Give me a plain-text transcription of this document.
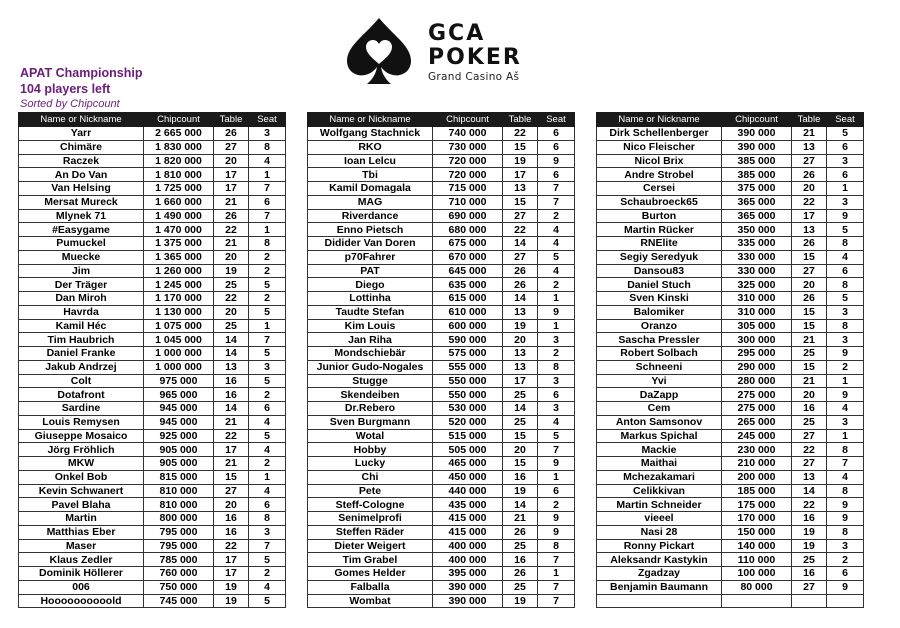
GCA
POKER
Grand Casino Aš
APAT Championship
104 players left
Sorted by Chipcount
Name or Nickname	Chipcount	Table	Seat
Yarr	2 665 000	26	3
Chimäre	1 830 000	27	8
Raczek	1 820 000	20	4
An Do Van	1 810 000	17	1
Van Helsing	1 725 000	17	7
Mersat Mureck	1 660 000	21	6
Mlynek 71	1 490 000	26	7
#Easygame	1 470 000	22	1
Pumuckel	1 375 000	21	8
Muecke	1 365 000	20	2
Jim	1 260 000	19	2
Der Träger	1 245 000	25	5
Dan Miroh	1 170 000	22	2
Havrda	1 130 000	20	5
Kamil Héc	1 075 000	25	1
Tim Haubrich	1 045 000	14	7
Daniel Franke	1 000 000	14	5
Jakub Andrzej	1 000 000	13	3
Colt	975 000	16	5
Dotafront	965 000	16	2
Sardine	945 000	14	6
Louis Remysen	945 000	21	4
Giuseppe Mosaico	925 000	22	5
Jörg Fröhlich	905 000	17	4
MKW	905 000	21	2
Onkel Bob	815 000	15	1
Kevin Schwanert	810 000	27	4
Pavel Blaha	810 000	20	6
Martin	800 000	16	8
Matthias Eber	795 000	16	3
Maser	795 000	22	7
Klaus Zedler	785 000	17	5
Dominik Höllerer	760 000	17	2
006	750 000	19	4
Hoooooooooold	745 000	19	5
Name or Nickname	Chipcount	Table	Seat
Wolfgang Stachnick	740 000	22	6
RKO	730 000	15	6
Ioan Lelcu	720 000	19	9
Tbi	720 000	17	6
Kamil Domagala	715 000	13	7
MAG	710 000	15	7
Riverdance	690 000	27	2
Enno Pietsch	680 000	22	4
Didider Van Doren	675 000	14	4
p70Fahrer	670 000	27	5
PAT	645 000	26	4
Diego	635 000	26	2
Lottinha	615 000	14	1
Taudte Stefan	610 000	13	9
Kim Louis	600 000	19	1
Jan Riha	590 000	20	3
Mondschiebär	575 000	13	2
Junior Gudo-Nogales	555 000	13	8
Stugge	550 000	17	3
Skendeiben	550 000	25	6
Dr.Rebero	530 000	14	3
Sven Burgmann	520 000	25	4
Wotal	515 000	15	5
Hobby	505 000	20	7
Lucky	465 000	15	9
Chi	450 000	16	1
Pete	440 000	19	6
Steff-Cologne	435 000	14	2
Senimelprofi	415 000	21	9
Steffen Räder	415 000	26	9
Dieter Weigert	400 000	25	8
Tim Grabel	400 000	16	7
Gomes Helder	395 000	26	1
Falballa	390 000	25	7
Wombat	390 000	19	7
Name or Nickname	Chipcount	Table	Seat
Dirk Schellenberger	390 000	21	5
Nico Fleischer	390 000	13	6
Nicol Brix	385 000	27	3
Andre Strobel	385 000	26	6
Cersei	375 000	20	1
Schaubroeck65	365 000	22	3
Burton	365 000	17	9
Martin Rücker	350 000	13	5
RNElite	335 000	26	8
Segiy Seredyuk	330 000	15	4
Dansou83	330 000	27	6
Daniel Stuch	325 000	20	8
Sven Kinski	310 000	26	5
Balomiker	310 000	15	3
Oranzo	305 000	15	8
Sascha Pressler	300 000	21	3
Robert Solbach	295 000	25	9
Schneeni	290 000	15	2
Yvi	280 000	21	1
DaZapp	275 000	20	9
Cem	275 000	16	4
Anton Samsonov	265 000	25	3
Markus Spichal	245 000	27	1
Mackie	230 000	22	8
Maithai	210 000	27	7
Mchezakamari	200 000	13	4
Celikkivan	185 000	14	8
Martin Schneider	175 000	22	9
vieeel	170 000	16	9
Nasi 28	150 000	19	8
Ronny Pickart	140 000	19	3
Aleksandr Kastykin	110 000	25	2
Zgadzay	100 000	16	6
Benjamin Baumann	80 000	27	9
